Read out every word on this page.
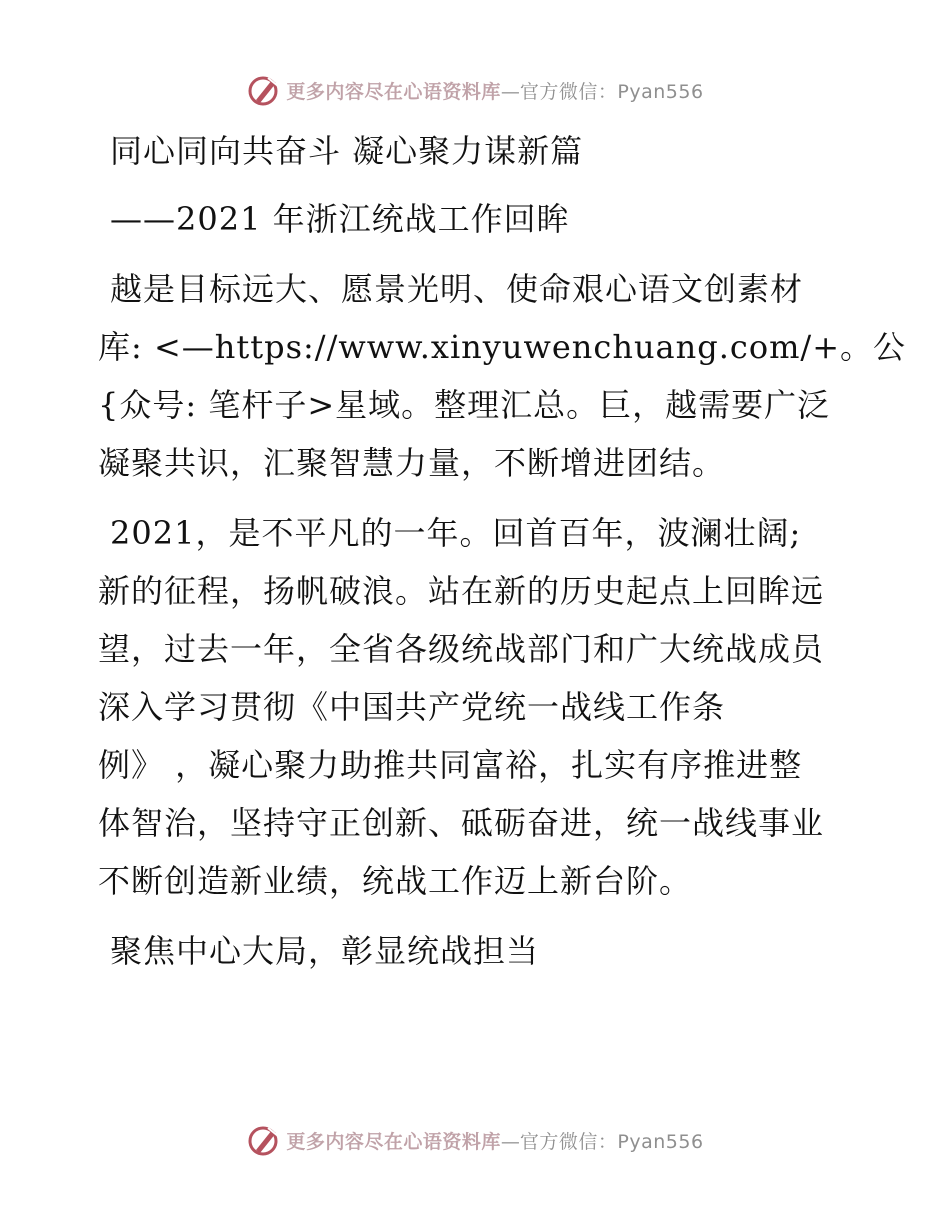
更多内容尽在心语资料库—官方微信：Pyan556
同心同向共奋斗 凝心聚力谋新篇
——2021 年浙江统战工作回眸
越是目标远大、愿景光明、使命艰心语文创素材
库: <—https://www.xinyuwenchuang.com/+。公
{众号: 笔杆子>星域。整理汇总。巨，越需要广泛
凝聚共识，汇聚智慧力量，不断增进团结。
2021，是不平凡的一年。回首百年，波澜壮阔;
新的征程，扬帆破浪。站在新的历史起点上回眸远
望，过去一年，全省各级统战部门和广大统战成员
深入学习贯彻《中国共产党统一战线工作条
例》 ，凝心聚力助推共同富裕，扎实有序推进整
体智治，坚持守正创新、砥砺奋进，统一战线事业
不断创造新业绩，统战工作迈上新台阶。
聚焦中心大局，彰显统战担当
更多内容尽在心语资料库—官方微信：Pyan556
